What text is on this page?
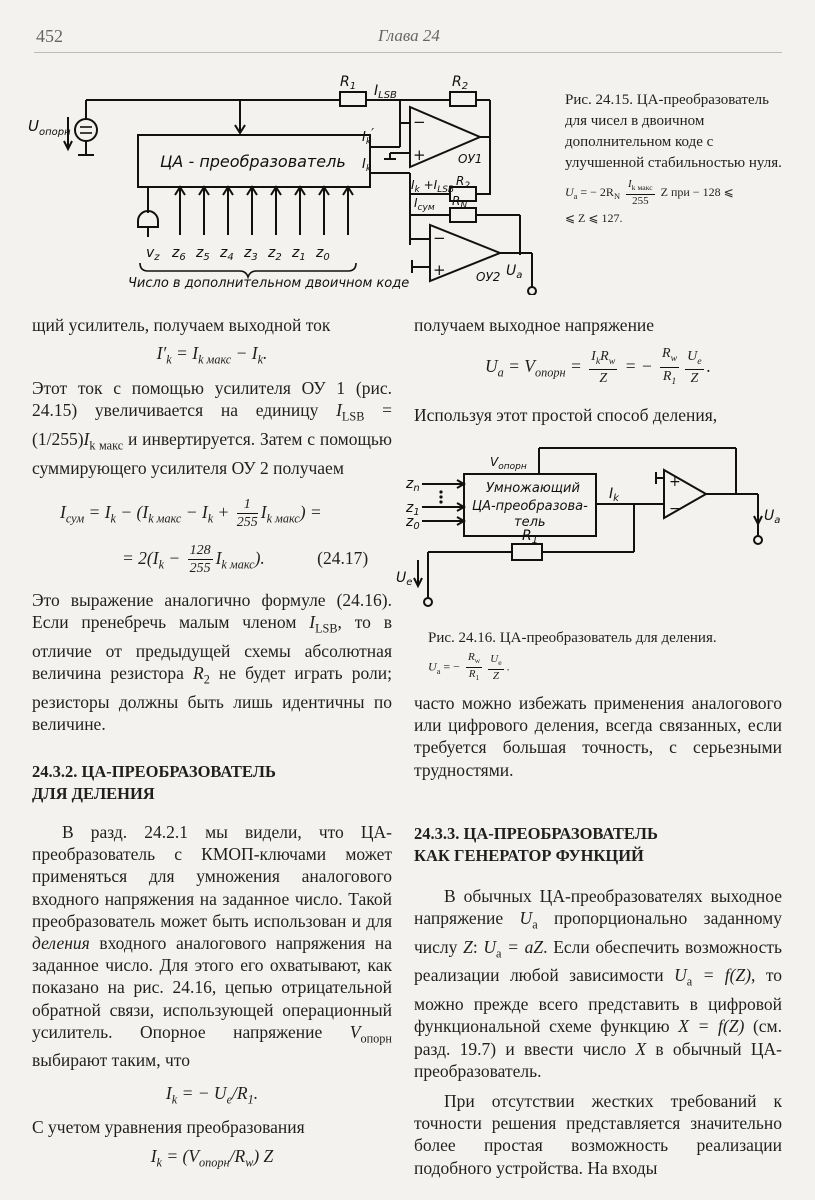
452	Глава 24
$U_{опорн}$
$R_1$ $I_{LSB}$
$R_2$
ЦА - преобразователь
−
+	ОУ1
$I_k'$
$I_k$
$I_k +I_{LSB}$
$R_2$
$I_{сум}$ $R_N$
−
+	ОУ2 $U_a$
$v_z$ $z_6$ $z_5$ $z_4$ $z_3$ $z_2$ $z_1$ $z_0$
Число в дополнительном двоичном коде
Рис. 24.15. ЦА-преобразователь для чисел в двоичном дополнительном коде с улучшенной стабильностью нуля.
$U_a$ = − $2R_N \frac{I_{k макс}}{255}$ Z при − 128 ⩽
⩽ Z ⩽ 127.

щий усилитель, получаем выходной ток

$I'_k = I_{k макс} - I_k$.

Этот ток с помощью усилителя ОУ 1 (рис. 24.15) увеличивается на единицу $I_{LSB} = (1/255)I_{k макс}$ и инвертируется. Затем с помощью суммирующего усилителя ОУ 2 получаем

$I_{сум} = I_k - (I_{k макс} - I_k + \frac{1}{255} I_{k макс})$ =
= $2(I_k - \frac{128}{255} I_{k макс})$.	(24.17)

Это выражение аналогично формуле (24.16). Если пренебречь малым членом $I_{LSB}$, то в отличие от предыдущей схемы абсолютная величина резистора $R_2$ не будет играть роли; резисторы должны быть лишь идентичны по величине.

24.3.2. ЦА-ПРЕОБРАЗОВАТЕЛЬ
ДЛЯ ДЕЛЕНИЯ

В разд. 24.2.1 мы видели, что ЦА-преобразователь с КМОП-ключами может применяться для умножения аналогового входного напряжения на заданное число. Такой преобразователь может быть использован и для деления входного аналогового напряжения на заданное число. Для этого его охватывают, как показано на рис. 24.16, цепью отрицательной обратной связи, использующей операционный усилитель. Опорное напряжение $V_{опорн}$ выбирают таким, что

$I_k$ = − $U_e/R_1$.

С учетом уравнения преобразования

$I_k = (V_{опорн}/R_w)$ Z

получаем выходное напряжение

$U_a = V_{опорн} = \frac{I_kR_w}{Z}$ = − $\frac{R_w}{R_1} \frac{U_e}{Z}$ .

Используя этот простой способ деления,

$z_n$
$z_1$
$z_0$
Умножающий
ЦА-преобразова-
тель
$V_{опорн}$
$I_k$
+
−	$U_a$
$R_1$
$U_e$
Рис. 24.16. ЦА-преобразователь для деления.
$U_a$ = − $\frac{R_w}{R_1} \frac{U_e}{Z}$ .

часто можно избежать применения аналогового или цифрового деления, всегда связанных, если требуется большая точность, с серьезными трудностями.

24.3.3. ЦА-ПРЕОБРАЗОВАТЕЛЬ
КАК ГЕНЕРАТОР ФУНКЦИЙ

В обычных ЦА-преобразователях выходное напряжение $U_a$ пропорционально заданному числу Z: $U_a$ = aZ. Если обеспечить возможность реализации любой зависимости $U_a = f(Z)$, то можно прежде всего представить в цифровой функциональной схеме функцию X = f(Z) (см. разд. 19.7) и ввести число X в обычный ЦА-преобразователь.

При отсутствии жестких требований к точности решения представляется значительно более простая возможность реализации подобного устройства. На входы
